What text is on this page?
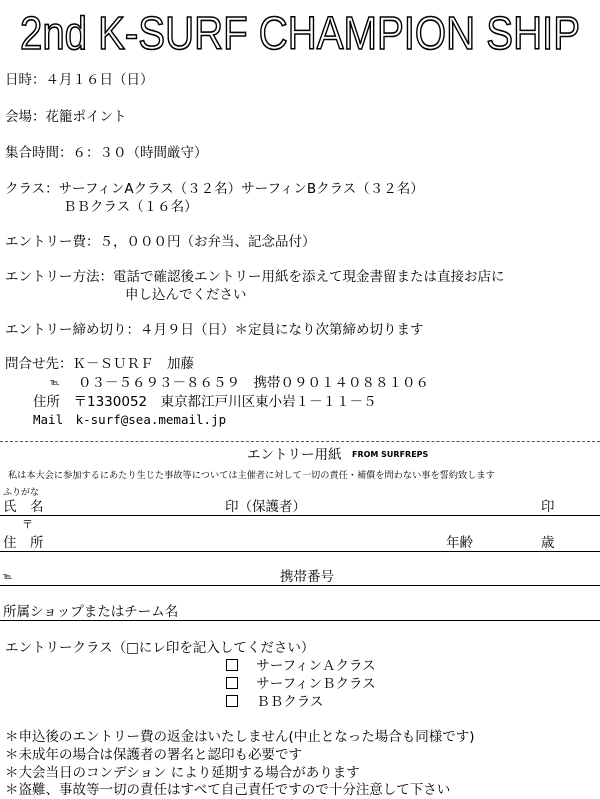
2nd K-SURF CHAMPION SHIP
日時：４月１６日（日）
会場：花籠ポイント
集合時間：６：３０（時間厳守）
クラス：サーフィンAクラス（３２名）サーフィンBクラス（３２名）
ＢＢクラス（１６名）
エントリー費：５，０００円（お弁当、記念品付）
エントリー方法：電話で確認後エントリー用紙を添えて現金書留または直接お店に
申し込んでください
エントリー締め切り：４月９日（日）＊定員になり次第締め切ります
問合せ先：Ｋ－ＳＵＲＦ　加藤
℡ ０３－５６９３－８６５９　携帯０９０１４０８８１０６
住所　〒1330052　東京都江戸川区東小岩１－１１－５
Mail　k-surf@sea.memail.jp
エントリー用紙 FROM SURFREPS
私は本大会に参加するにあたり生じた事故等については主催者に対して一切の責任・補償を問わない事を誓約致します
ふりがな
氏　名	印（保護者）	印
〒
住　所	年齢	歳
℡	携帯番号
所属ショップまたはチーム名
エントリークラス（□にレ印を記入してください）
サーフィンＡクラス
サーフィンＢクラス
ＢＢクラス
＊申込後のエントリー費の返金はいたしません(中止となった場合も同様です)
＊未成年の場合は保護者の署名と認印も必要です
＊大会当日のコンデション により延期する場合があります
＊盗難、事故等一切の責任はすべて自己責任ですので十分注意して下さい
